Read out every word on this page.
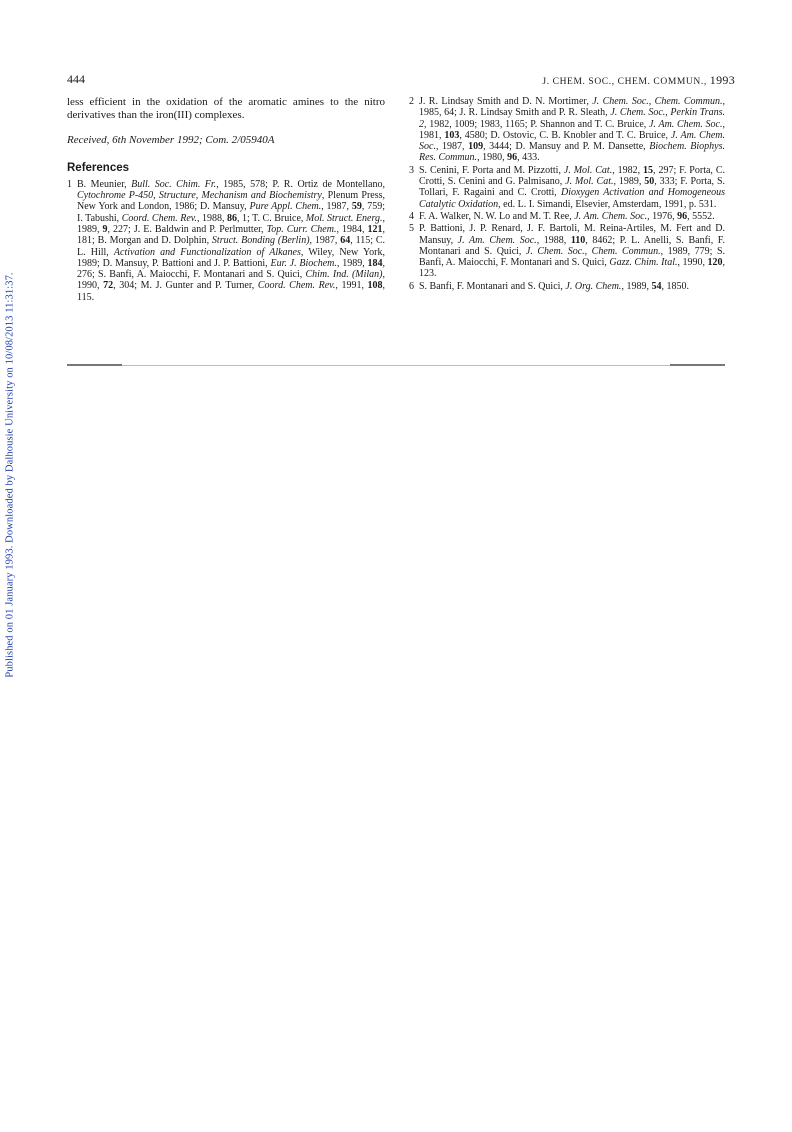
Published on 01 January 1993. Downloaded by Dalhousie University on 10/08/2013 11:31:37.
444	J. CHEM. SOC., CHEM. COMMUN., 1993

less efficient in the oxidation of the aromatic amines to the nitro derivatives than the iron(III) complexes.

Received, 6th November 1992; Com. 2/05940A

References

1 B. Meunier, Bull. Soc. Chim. Fr., 1985, 578; P. R. Ortiz de Montellano, Cytochrome P-450, Structure, Mechanism and Biochemistry, Plenum Press, New York and London, 1986; D. Mansuy, Pure Appl. Chem., 1987, 59, 759; I. Tabushi, Coord. Chem. Rev., 1988, 86, 1; T. C. Bruice, Mol. Struct. Energ., 1989, 9, 227; J. E. Baldwin and P. Perlmutter, Top. Curr. Chem., 1984, 121, 181; B. Morgan and D. Dolphin, Struct. Bonding (Berlin), 1987, 64, 115; C. L. Hill, Activation and Functionalization of Alkanes, Wiley, New York, 1989; D. Mansuy, P. Battioni and J. P. Battioni, Eur. J. Biochem., 1989, 184, 276; S. Banfi, A. Maiocchi, F. Montanari and S. Quici, Chim. Ind. (Milan), 1990, 72, 304; M. J. Gunter and P. Turner, Coord. Chem. Rev., 1991, 108, 115.

2 J. R. Lindsay Smith and D. N. Mortimer, J. Chem. Soc., Chem. Commun., 1985, 64; J. R. Lindsay Smith and P. R. Sleath, J. Chem. Soc., Perkin Trans. 2, 1982, 1009; 1983, 1165; P. Shannon and T. C. Bruice, J. Am. Chem. Soc., 1981, 103, 4580; D. Ostovic, C. B. Knobler and T. C. Bruice, J. Am. Chem. Soc., 1987, 109, 3444; D. Mansuy and P. M. Dansette, Biochem. Biophys. Res. Commun., 1980, 96, 433.

3 S. Cenini, F. Porta and M. Pizzotti, J. Mol. Cat., 1982, 15, 297; F. Porta, C. Crotti, S. Cenini and G. Palmisano, J. Mol. Cat., 1989, 50, 333; F. Porta, S. Tollari, F. Ragaini and C. Crotti, Dioxygen Activation and Homogeneous Catalytic Oxidation, ed. L. I. Simandi, Elsevier, Amsterdam, 1991, p. 531.

4 F. A. Walker, N. W. Lo and M. T. Ree, J. Am. Chem. Soc., 1976, 96, 5552.

5 P. Battioni, J. P. Renard, J. F. Bartoli, M. Reina-Artiles, M. Fert and D. Mansuy, J. Am. Chem. Soc., 1988, 110, 8462; P. L. Anelli, S. Banfi, F. Montanari and S. Quici, J. Chem. Soc., Chem. Commun., 1989, 779; S. Banfi, A. Maiocchi, F. Montanari and S. Quici, Gazz. Chim. Ital., 1990, 120, 123.

6 S. Banfi, F. Montanari and S. Quici, J. Org. Chem., 1989, 54, 1850.
